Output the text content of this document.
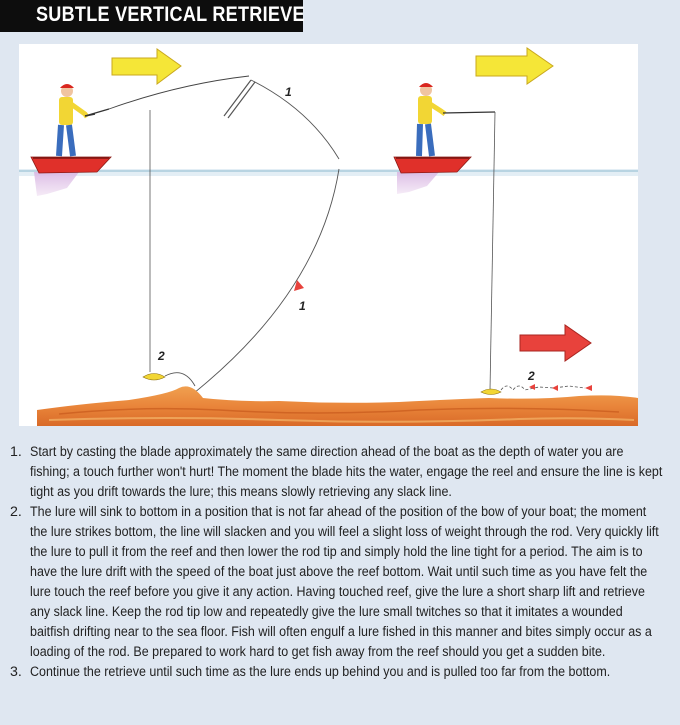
SUBTLE VERTICAL RETRIEVE
1
1
2
2
1. Start by casting the blade approximately the same direction ahead of the boat as the depth of water you are fishing; a touch further won't hurt! The moment the blade hits the water, engage the reel and ensure the line is kept tight as you drift towards the lure; this means slowly retrieving any slack line.
2. The lure will sink to bottom in a position that is not far ahead of the position of the bow of your boat; the moment the lure strikes bottom, the line will slacken and you will feel a slight loss of weight through the rod. Very quickly lift the lure to pull it from the reef and then lower the rod tip and simply hold the line tight for a period. The aim is to have the lure drift with the speed of the boat just above the reef bottom. Wait until such time as you have felt the lure touch the reef before you give it any action. Having touched reef, give the lure a short sharp lift and retrieve any slack line. Keep the rod tip low and repeatedly give the lure small twitches so that it imitates a wounded baitfish drifting near to the sea floor. Fish will often engulf a lure fished in this manner and bites simply occur as a loading of the rod. Be prepared to work hard to get fish away from the reef should you get a sudden bite.
3. Continue the retrieve until such time as the lure ends up behind you and is pulled too far from the bottom.
